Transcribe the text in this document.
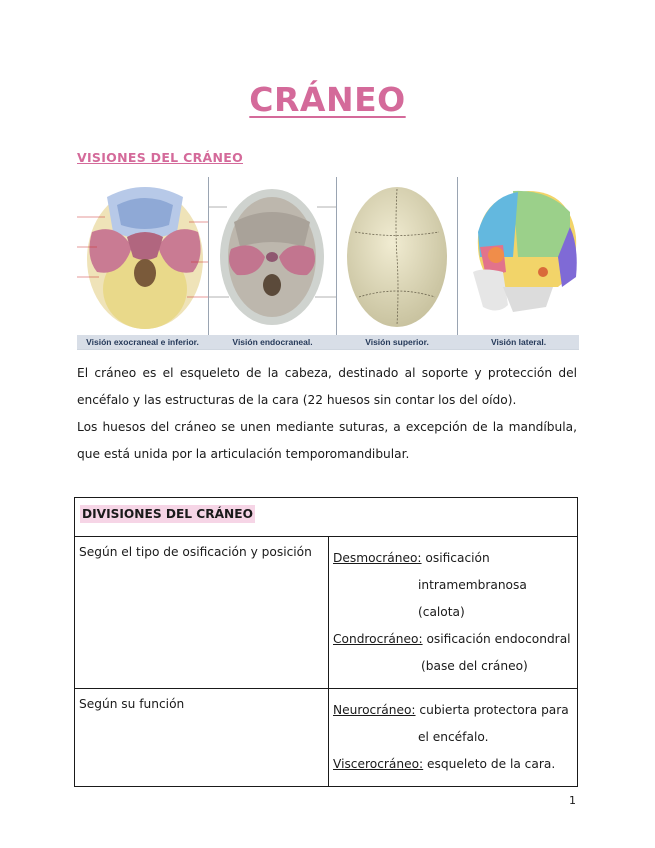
CRÁNEO
VISIONES DEL CRÁNEO
Visión exocraneal e inferior.	Visión endocraneal.	Visión superior.	Visión lateral.
El cráneo es el esqueleto de la cabeza, destinado al soporte y protección del encéfalo y las estructuras de la cara (22 huesos sin contar los del oído).
Los huesos del cráneo se unen mediante suturas, a excepción de la mandíbula, que está unida por la articulación temporomandibular.
DIVISIONES DEL CRÁNEO	
Según el tipo de osificación y posición	Desmocráneo: osificación
intramembranosa (calota)
Condrocráneo: osificación endocondral
(base del cráneo)

Según su función	Neurocráneo: cubierta protectora para
el encéfalo.
Viscerocráneo: esqueleto de la cara.
1
